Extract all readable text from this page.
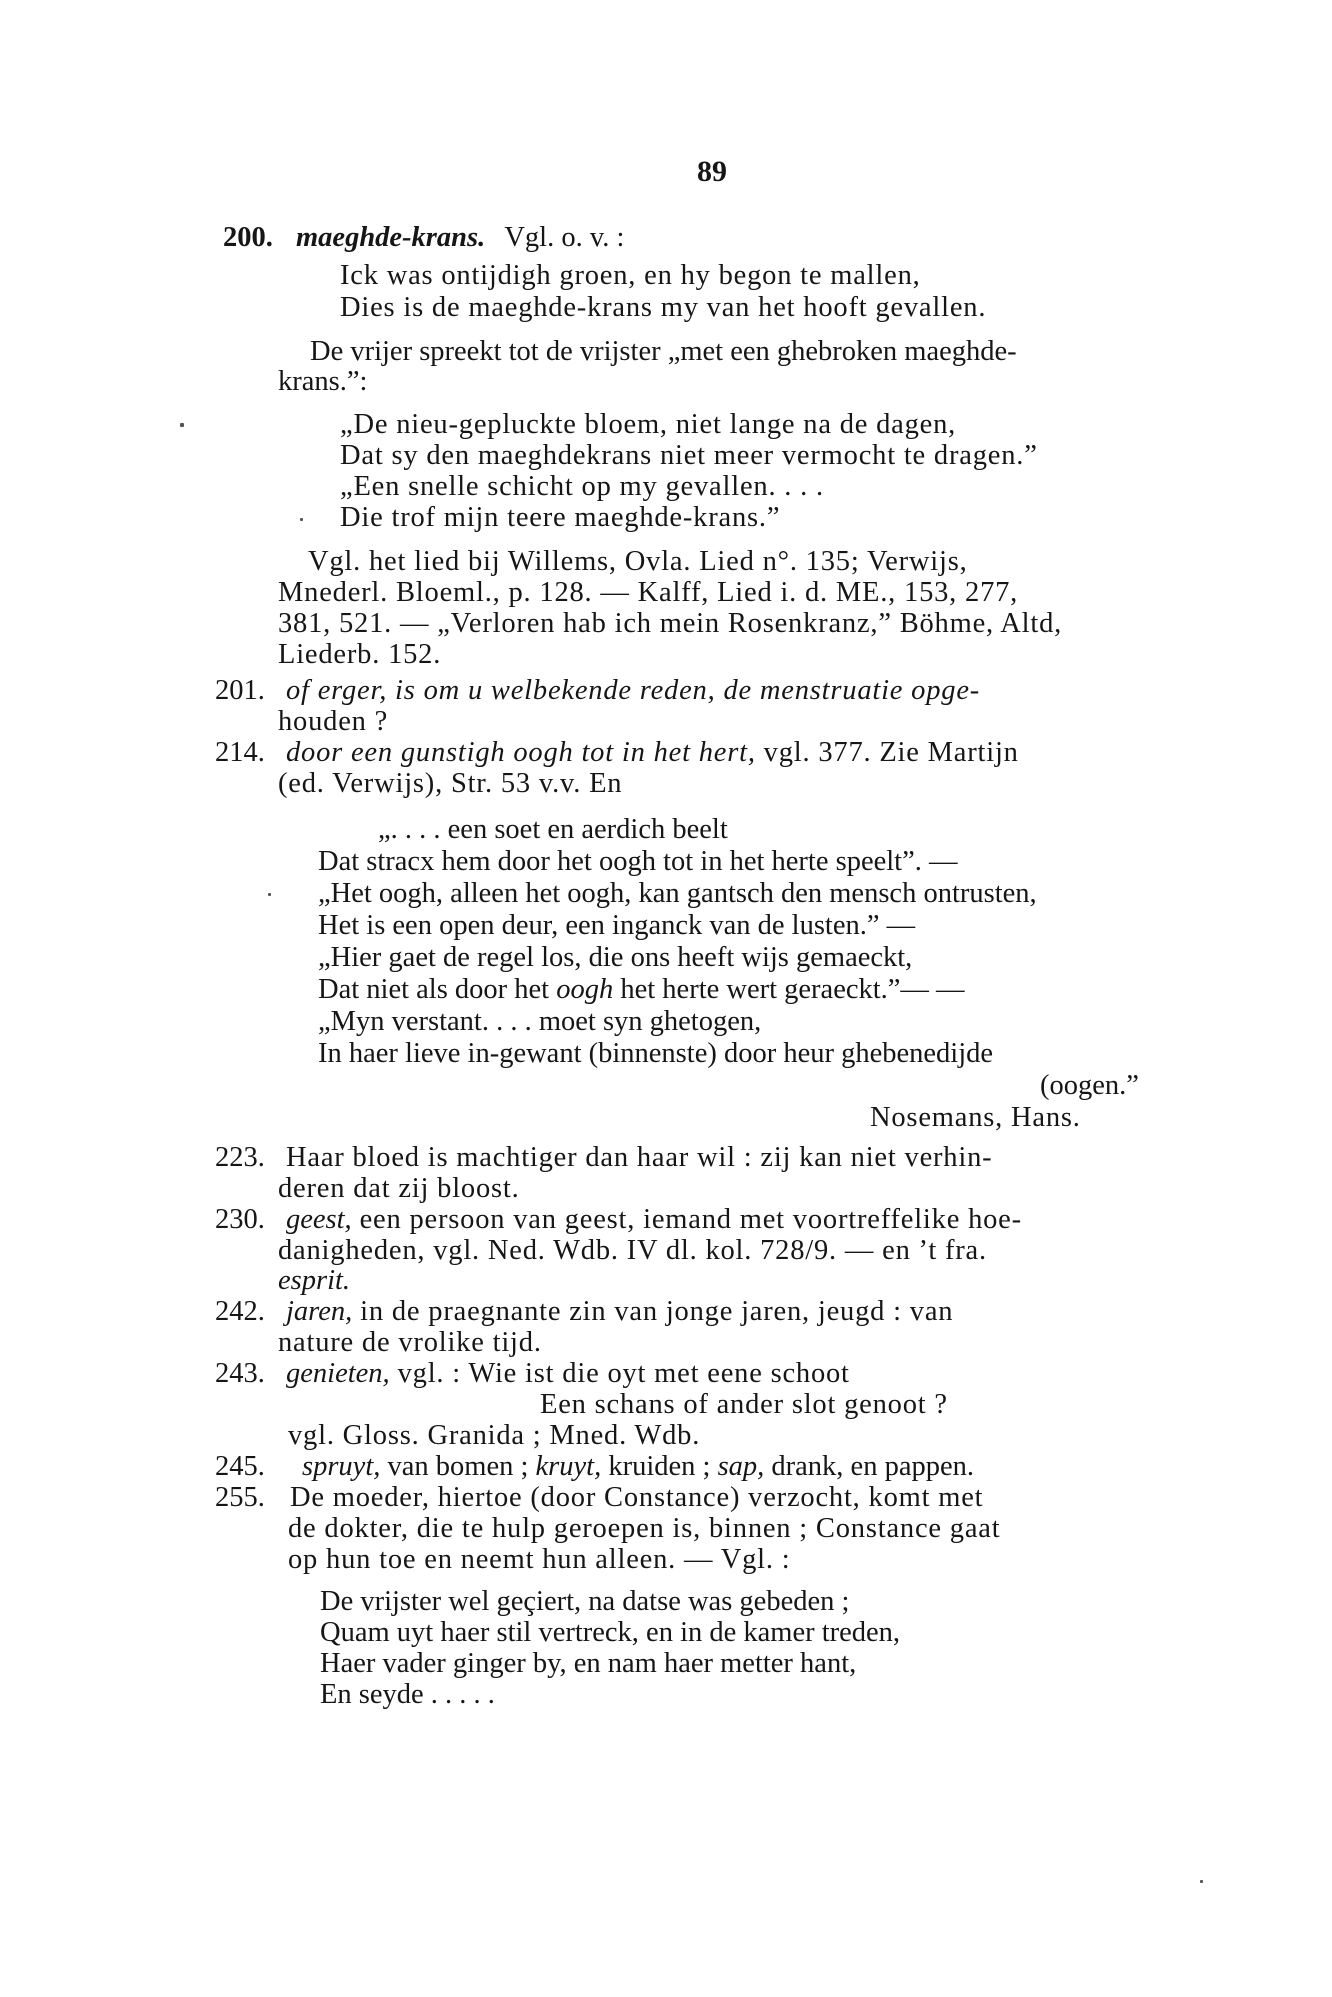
89
200. maeghde-krans. Vgl. o. v. :
Ick was ontijdigh groen, en hy begon te mallen,
Dies is de maeghde-krans my van het hooft gevallen.
De vrijer spreekt tot de vrijster „met een ghebroken maeghde-
krans.”:
„De nieu-gepluckte bloem, niet lange na de dagen,
Dat sy den maeghdekrans niet meer vermocht te dragen.”
„Een snelle schicht op my gevallen. . . .
Die trof mijn teere maeghde-krans.”
Vgl. het lied bij Willems, Ovla. Lied n°. 135; Verwijs,
Mnederl. Bloeml., p. 128. — Kalff, Lied i. d. ME., 153, 277,
381, 521. — „Verloren hab ich mein Rosenkranz,” Böhme, Altd,
Liederb. 152.
201. of erger, is om u welbekende reden, de menstruatie opge-
houden ?
214. door een gunstigh oogh tot in het hert, vgl. 377. Zie Martijn
(ed. Verwijs), Str. 53 v.v. En
„. . . . een soet en aerdich beelt
Dat stracx hem door het oogh tot in het herte speelt”. —
„Het oogh, alleen het oogh, kan gantsch den mensch ontrusten,
Het is een open deur, een inganck van de lusten.” —
„Hier gaet de regel los, die ons heeft wijs gemaeckt,
Dat niet als door het oogh het herte wert geraeckt.”— —
„Myn verstant. . . . moet syn ghetogen,
In haer lieve in-gewant (binnenste) door heur ghebenedijde
(oogen.”
Nosemans, Hans.
223. Haar bloed is machtiger dan haar wil : zij kan niet verhin-
deren dat zij bloost.
230. geest, een persoon van geest, iemand met voortreffelike hoe-
danigheden, vgl. Ned. Wdb. IV dl. kol. 728/9. — en ’t fra.
esprit.
242. jaren, in de praegnante zin van jonge jaren, jeugd : van
nature de vrolike tijd.
243. genieten, vgl. : Wie ist die oyt met eene schoot
Een schans of ander slot genoot ?
vgl. Gloss. Granida ; Mned. Wdb.
245. spruyt, van bomen ; kruyt, kruiden ; sap, drank, en pappen.
255. De moeder, hiertoe (door Constance) verzocht, komt met
de dokter, die te hulp geroepen is, binnen ; Constance gaat
op hun toe en neemt hun alleen. — Vgl. :
De vrijster wel geçiert, na datse was gebeden ;
Quam uyt haer stil vertreck, en in de kamer treden,
Haer vader ginger by, en nam haer metter hant,
En seyde . . . . .
